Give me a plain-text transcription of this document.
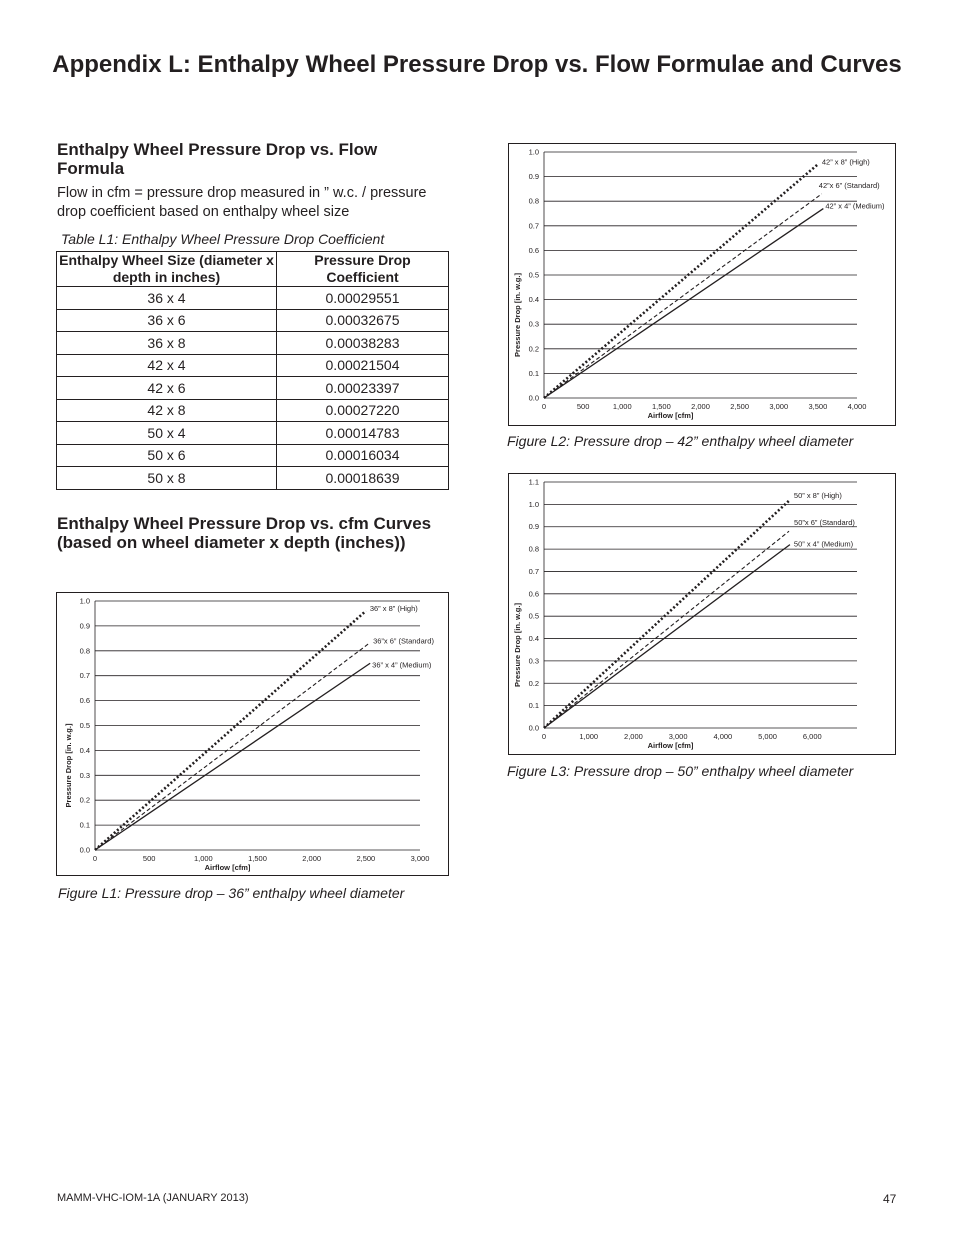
Appendix L: Enthalpy Wheel Pressure Drop vs. Flow Formulae and Curves
Enthalpy Wheel Pressure Drop vs. Flow Formula

Flow in cfm = pressure drop measured in ” w.c. / pressure drop coefficient based on enthalpy wheel size

Table L1: Enthalpy Wheel Pressure Drop Coefficient

Enthalpy Wheel Size (diameter x depth in inches)	Pressure Drop Coefficient
36 x 4	0.00029551
36 x 6	0.00032675
36 x 8	0.00038283
42 x 4	0.00021504
42 x 6	0.00023397
42 x 8	0.00027220
50 x 4	0.00014783
50 x 6	0.00016034
50 x 8	0.00018639
Enthalpy Wheel Pressure Drop vs. cfm Curves (based on wheel diameter x depth (inches))
0.0
0.1
0.2
0.3
0.4
0.5
0.6
0.7
0.8
0.9
1.0
0	500	1,000	1,500	2,000	2,500	3,000
Airflow [cfm]
Pressure Drop [in. w.g.]
36” x 8” (High)
36”x 6” (Standard)
36” x 4” (Medium)

Figure L1: Pressure drop – 36” enthalpy wheel diameter

0.0
0.1
0.2
0.3
0.4
0.5
0.6
0.7
0.8
0.9
1.0
0	500	1,000	1,500	2,000	2,500	3,000	3,500	4,000
Airflow [cfm]
Pressure Drop [in. w.g.]
42” x 8” (High)
42”x 6” (Standard)
42” x 4” (Medium)

Figure L2: Pressure drop – 42” enthalpy wheel diameter

0.0
0.1
0.2
0.3
0.4
0.5
0.6
0.7
0.8
0.9
1.0
1.1
0	1,000	2,000	3,000	4,000	5,000	6,000
Airflow [cfm]
Pressure Drop [in. w.g.]
50” x 8” (High)
50”x 6” (Standard)
50” x 4” (Medium)

Figure L3: Pressure drop – 50” enthalpy wheel diameter

MAMM-VHC-IOM-1A (JANUARY 2013)	47
